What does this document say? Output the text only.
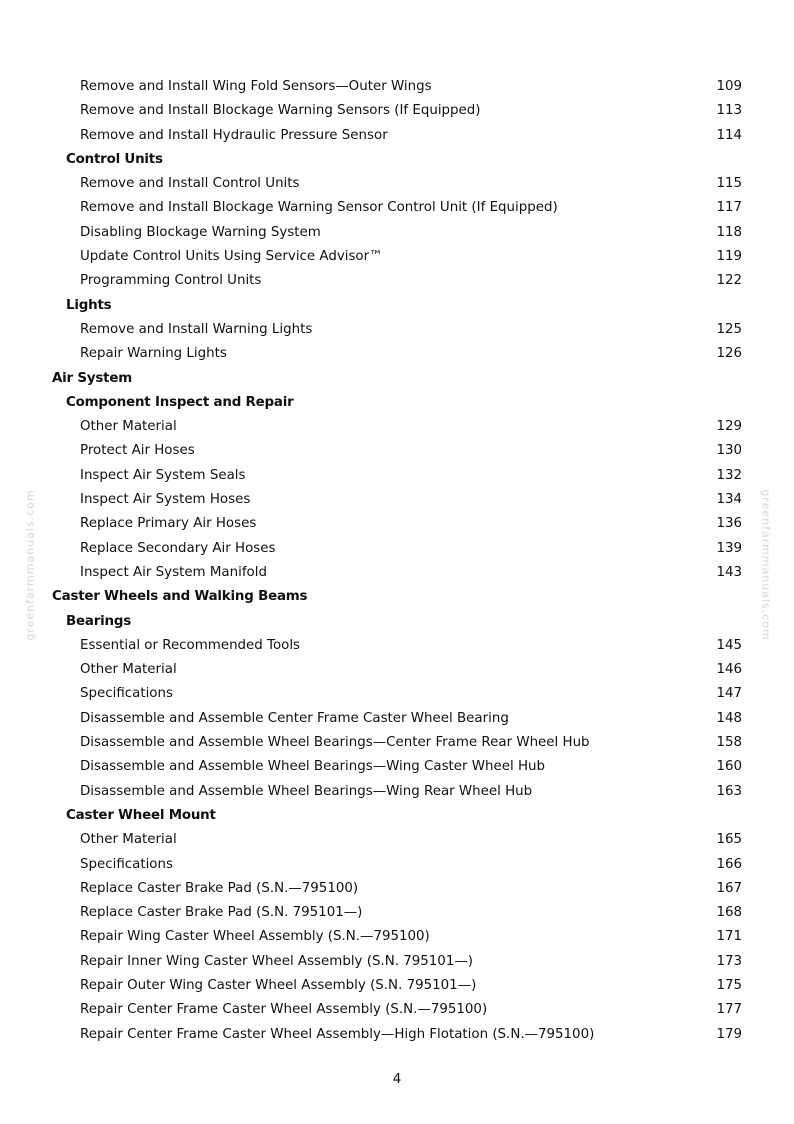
Remove and Install Wing Fold Sensors—Outer Wings	109
Remove and Install Blockage Warning Sensors (If Equipped)	113
Remove and Install Hydraulic Pressure Sensor	114
Control Units
Remove and Install Control Units	115
Remove and Install Blockage Warning Sensor Control Unit (If Equipped)	117
Disabling Blockage Warning System	118
Update Control Units Using Service Advisor™	119
Programming Control Units	122
Lights
Remove and Install Warning Lights	125
Repair Warning Lights	126
Air System
Component Inspect and Repair
Other Material	129
Protect Air Hoses	130
Inspect Air System Seals	132
Inspect Air System Hoses	134
Replace Primary Air Hoses	136
Replace Secondary Air Hoses	139
Inspect Air System Manifold	143
Caster Wheels and Walking Beams
Bearings
Essential or Recommended Tools	145
Other Material	146
Specifications	147
Disassemble and Assemble Center Frame Caster Wheel Bearing	148
Disassemble and Assemble Wheel Bearings—Center Frame Rear Wheel Hub	158
Disassemble and Assemble Wheel Bearings—Wing Caster Wheel Hub	160
Disassemble and Assemble Wheel Bearings—Wing Rear Wheel Hub	163
Caster Wheel Mount
Other Material	165
Specifications	166
Replace Caster Brake Pad (S.N.—795100)	167
Replace Caster Brake Pad (S.N. 795101—)	168
Repair Wing Caster Wheel Assembly (S.N.—795100)	171
Repair Inner Wing Caster Wheel Assembly (S.N. 795101—)	173
Repair Outer Wing Caster Wheel Assembly (S.N. 795101—)	175
Repair Center Frame Caster Wheel Assembly (S.N.—795100)	177
Repair Center Frame Caster Wheel Assembly—High Flotation (S.N.—795100)	179
greenfarmmanuals.com	greenfarmmanuals.com
4
